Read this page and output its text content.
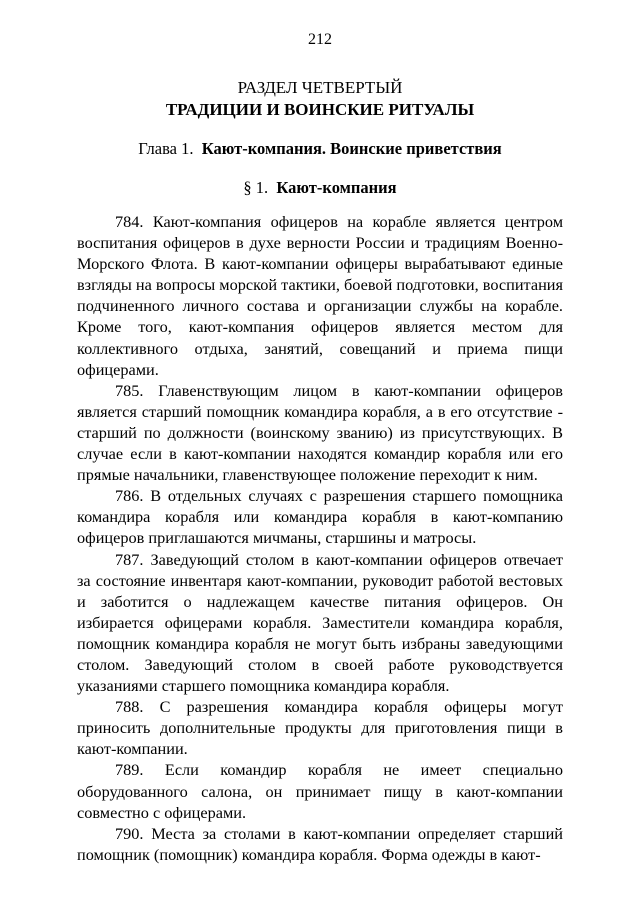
212
РАЗДЕЛ ЧЕТВЕРТЫЙ
ТРАДИЦИИ И ВОИНСКИЕ РИТУАЛЫ
Глава 1. Кают-компания. Воинские приветствия
§ 1. Кают-компания

784. Кают-компания офицеров на корабле является центром воспитания офицеров в духе верности России и традициям Военно-Морского Флота. В кают-компании офицеры вырабатывают единые взгляды на вопросы морской тактики, боевой подготовки, воспитания подчиненного личного состава и организации службы на корабле. Кроме того, кают-компания офицеров является местом для коллективного отдыха, занятий, совещаний и приема пищи офицерами.

785. Главенствующим лицом в кают-компании офицеров является старший помощник командира корабля, а в его отсутствие - старший по должности (воинскому званию) из присутствующих. В случае если в кают-компании находятся командир корабля или его прямые начальники, главенствующее положение переходит к ним.

786. В отдельных случаях с разрешения старшего помощника командира корабля или командира корабля в кают-компанию офицеров приглашаются мичманы, старшины и матросы.

787. Заведующий столом в кают-компании офицеров отвечает за состояние инвентаря кают-компании, руководит работой вестовых и заботится о надлежащем качестве питания офицеров. Он избирается офицерами корабля. Заместители командира корабля, помощник командира корабля не могут быть избраны заведующими столом. Заведующий столом в своей работе руководствуется указаниями старшего помощника командира корабля.

788. С разрешения командира корабля офицеры могут приносить дополнительные продукты для приготовления пищи в кают-компании.

789. Если командир корабля не имеет специально оборудованного салона, он принимает пищу в кают-компании совместно с офицерами.

790. Места за столами в кают-компании определяет старший помощник (помощник) командира корабля. Форма одежды в кают-
